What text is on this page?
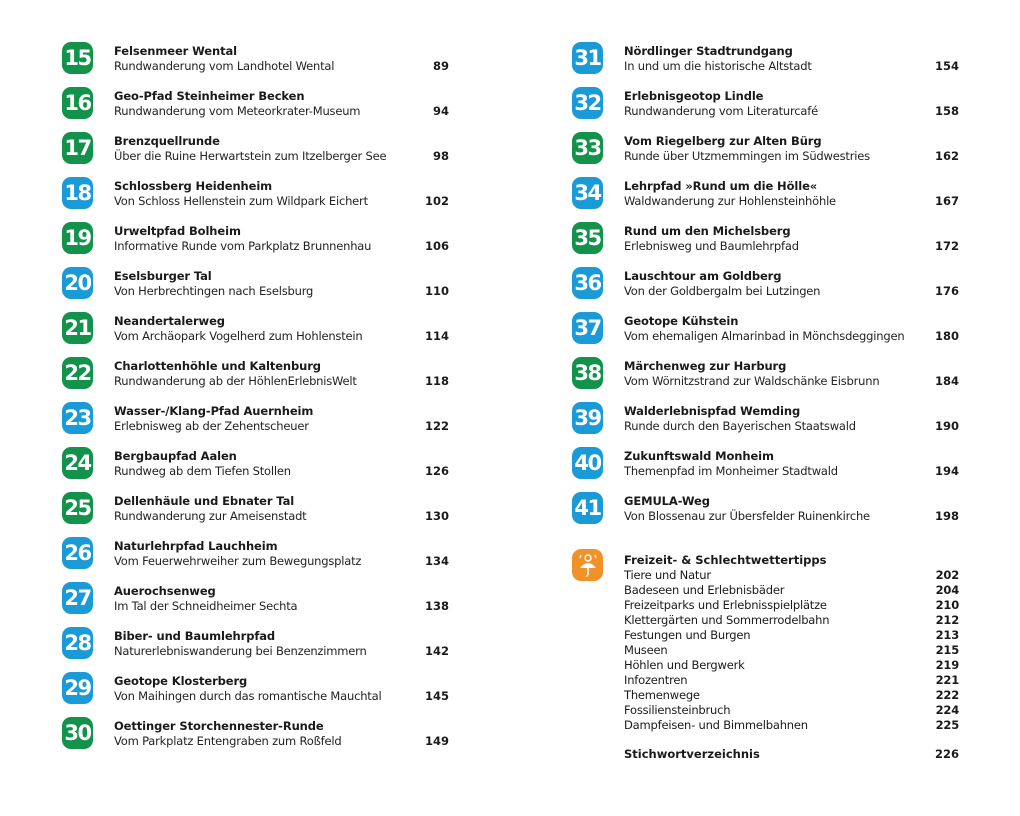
15 Felsenmeer Wental
Rundwanderung vom Landhotel Wental	89
16 Geo-Pfad Steinheimer Becken
Rundwanderung vom Meteorkrater-Museum	94
17 Brenzquellrunde
Über die Ruine Herwartstein zum Itzelberger See	98
18 Schlossberg Heidenheim
Von Schloss Hellenstein zum Wildpark Eichert	102
19 Urweltpfad Bolheim
Informative Runde vom Parkplatz Brunnenhau	106
20 Eselsburger Tal
Von Herbrechtingen nach Eselsburg	110
21 Neandertalerweg
Vom Archäopark Vogelherd zum Hohlenstein	114
22 Charlottenhöhle und Kaltenburg
Rundwanderung ab der HöhlenErlebnisWelt	118
23 Wasser-/Klang-Pfad Auernheim
Erlebnisweg ab der Zehentscheuer	122
24 Bergbaupfad Aalen
Rundweg ab dem Tiefen Stollen	126
25 Dellenhäule und Ebnater Tal
Rundwanderung zur Ameisenstadt	130
26 Naturlehrpfad Lauchheim
Vom Feuerwehrweiher zum Bewegungsplatz	134
27 Auerochsenweg
Im Tal der Schneidheimer Sechta	138
28 Biber- und Baumlehrpfad
Naturerlebniswanderung bei Benzenzimmern	142
29 Geotope Klosterberg
Von Maihingen durch das romantische Mauchtal	145
30 Oettinger Storchennester-Runde
Vom Parkplatz Entengraben zum Roßfeld	149
31 Nördlinger Stadtrundgang
In und um die historische Altstadt	154
32 Erlebnisgeotop Lindle
Rundwanderung vom Literaturcafé	158
33 Vom Riegelberg zur Alten Bürg
Runde über Utzmemmingen im Südwestries	162
34 Lehrpfad »Rund um die Hölle«
Waldwanderung zur Hohlensteinhöhle	167
35 Rund um den Michelsberg
Erlebnisweg und Baumlehrpfad	172
36 Lauschtour am Goldberg
Von der Goldbergalm bei Lutzingen	176
37 Geotope Kühstein
Vom ehemaligen Almarinbad in Mönchsdeggingen	180
38 Märchenweg zur Harburg
Vom Wörnitzstrand zur Waldschänke Eisbrunn	184
39 Walderlebnispfad Wemding
Runde durch den Bayerischen Staatswald	190
40 Zukunftswald Monheim
Themenpfad im Monheimer Stadtwald	194
41 GEMULA-Weg
Von Blossenau zur Übersfelder Ruinenkirche	198
Freizeit- & Schlechtwettertipps
Tiere und Natur	202
Badeseen und Erlebnisbäder	204
Freizeitparks und Erlebnisspielplätze	210
Klettergärten und Sommerrodelbahn	212
Festungen und Burgen	213
Museen	215
Höhlen und Bergwerk	219
Infozentren	221
Themenwege	222
Fossiliensteinbruch	224
Dampfeisen- und Bimmelbahnen	225
Stichwortverzeichnis	226
